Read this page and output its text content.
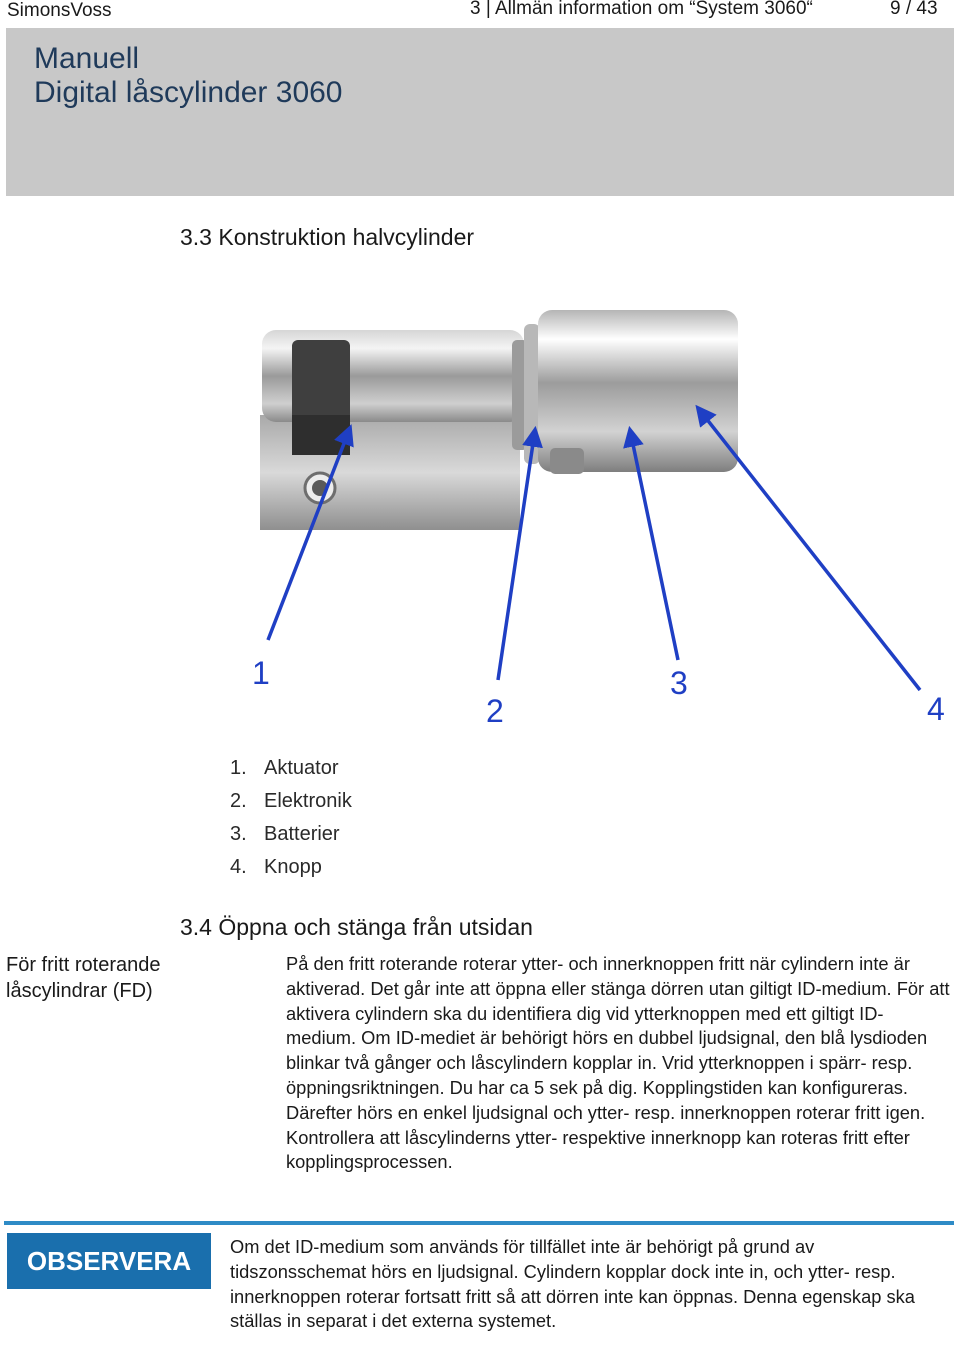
SimonsVoss	3 | Allmän information om “System 3060“	9 / 43
Manuell
Digital låscylinder 3060
3.3 Konstruktion halvcylinder
1
2
3
4
1. Aktuator
2. Elektronik
3. Batterier
4. Knopp
3.4 Öppna och stänga från utsidan
För fritt roterande låscylindrar (FD)
På den fritt roterande roterar ytter- och innerknoppen fritt när cylindern inte är aktiverad. Det går inte att öppna eller stänga dörren utan giltigt ID-medium. För att aktivera cylindern ska du identifiera dig vid ytterknoppen med ett giltigt ID-medium. Om ID-mediet är behörigt hörs en dubbel ljudsignal, den blå lysdioden blinkar två gånger och låscylindern kopplar in. Vrid ytterknoppen i spärr- resp. öppningsriktningen. Du har ca 5 sek på dig. Kopplingstiden kan konfigureras. Därefter hörs en enkel ljudsignal och ytter- resp. innerknoppen roterar fritt igen. Kontrollera att låscylinderns ytter- respektive innerknopp kan roteras fritt efter kopplingsprocessen.
OBSERVERA	Om det ID-medium som används för tillfället inte är behörigt på grund av tidszonsschemat hörs en ljudsignal. Cylindern kopplar dock inte in, och ytter- resp. innerknoppen roterar fortsatt fritt så att dörren inte kan öppnas. Denna egenskap ska ställas in separat i det externa systemet.
